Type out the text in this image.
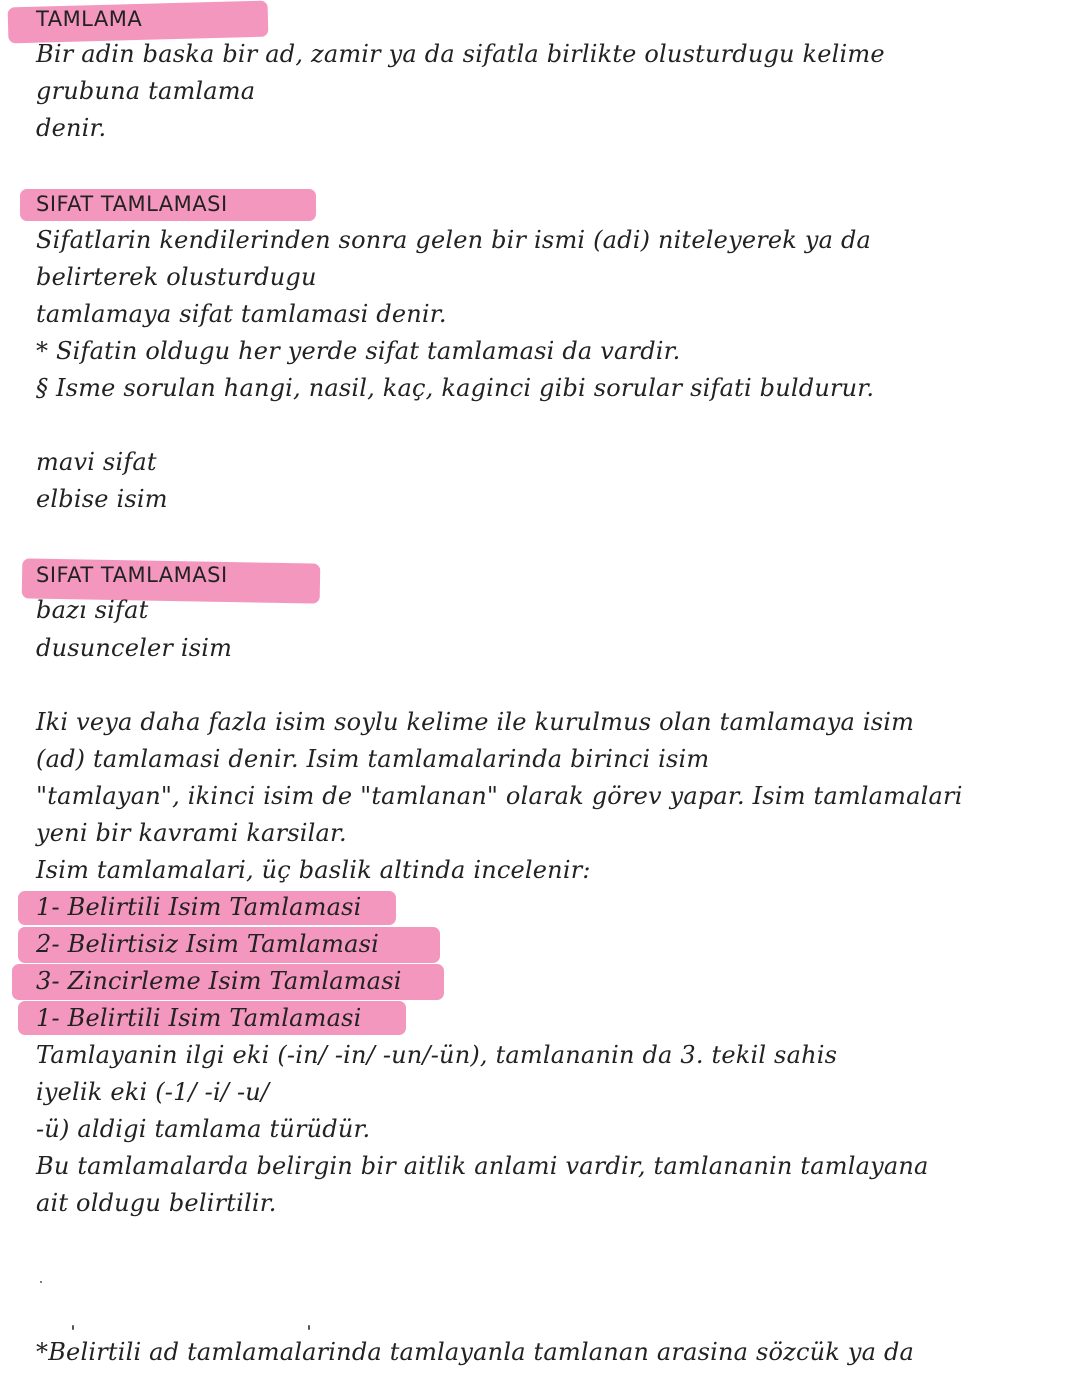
TAMLAMA
Bir adin baska bir ad, zamir ya da sifatla birlikte olusturdugu kelime
grubuna tamlama
denir.
SIFAT TAMLAMASI
Sifatlarin kendilerinden sonra gelen bir ismi (adi) niteleyerek ya da
belirterek olusturdugu
tamlamaya sifat tamlamasi denir.
* Sifatin oldugu her yerde sifat tamlamasi da vardir.
§ Isme sorulan hangi, nasil, kaç, kaginci gibi sorular sifati buldurur.
mavi sifat
elbise isim
SIFAT TAMLAMASI
bazı sifat
dusunceler isim
Iki veya daha fazla isim soylu kelime ile kurulmus olan tamlamaya isim
(ad) tamlamasi denir. Isim tamlamalarinda birinci isim
"tamlayan", ikinci isim de "tamlanan" olarak görev yapar. Isim tamlamalari
yeni bir kavrami karsilar.
Isim tamlamalari, üç baslik altinda incelenir:
1- Belirtili Isim Tamlamasi
2- Belirtisiz Isim Tamlamasi
3- Zincirleme Isim Tamlamasi
1- Belirtili Isim Tamlamasi
Tamlayanin ilgi eki (-in/ -in/ -un/-ün), tamlananin da 3. tekil sahis
iyelik eki (-1/ -i/ -u/
-ü) aldigi tamlama türüdür.
Bu tamlamalarda belirgin bir aitlik anlami vardir, tamlananin tamlayana
ait oldugu belirtilir.
*Belirtili ad tamlamalarinda tamlayanla tamlanan arasina sözcük ya da
